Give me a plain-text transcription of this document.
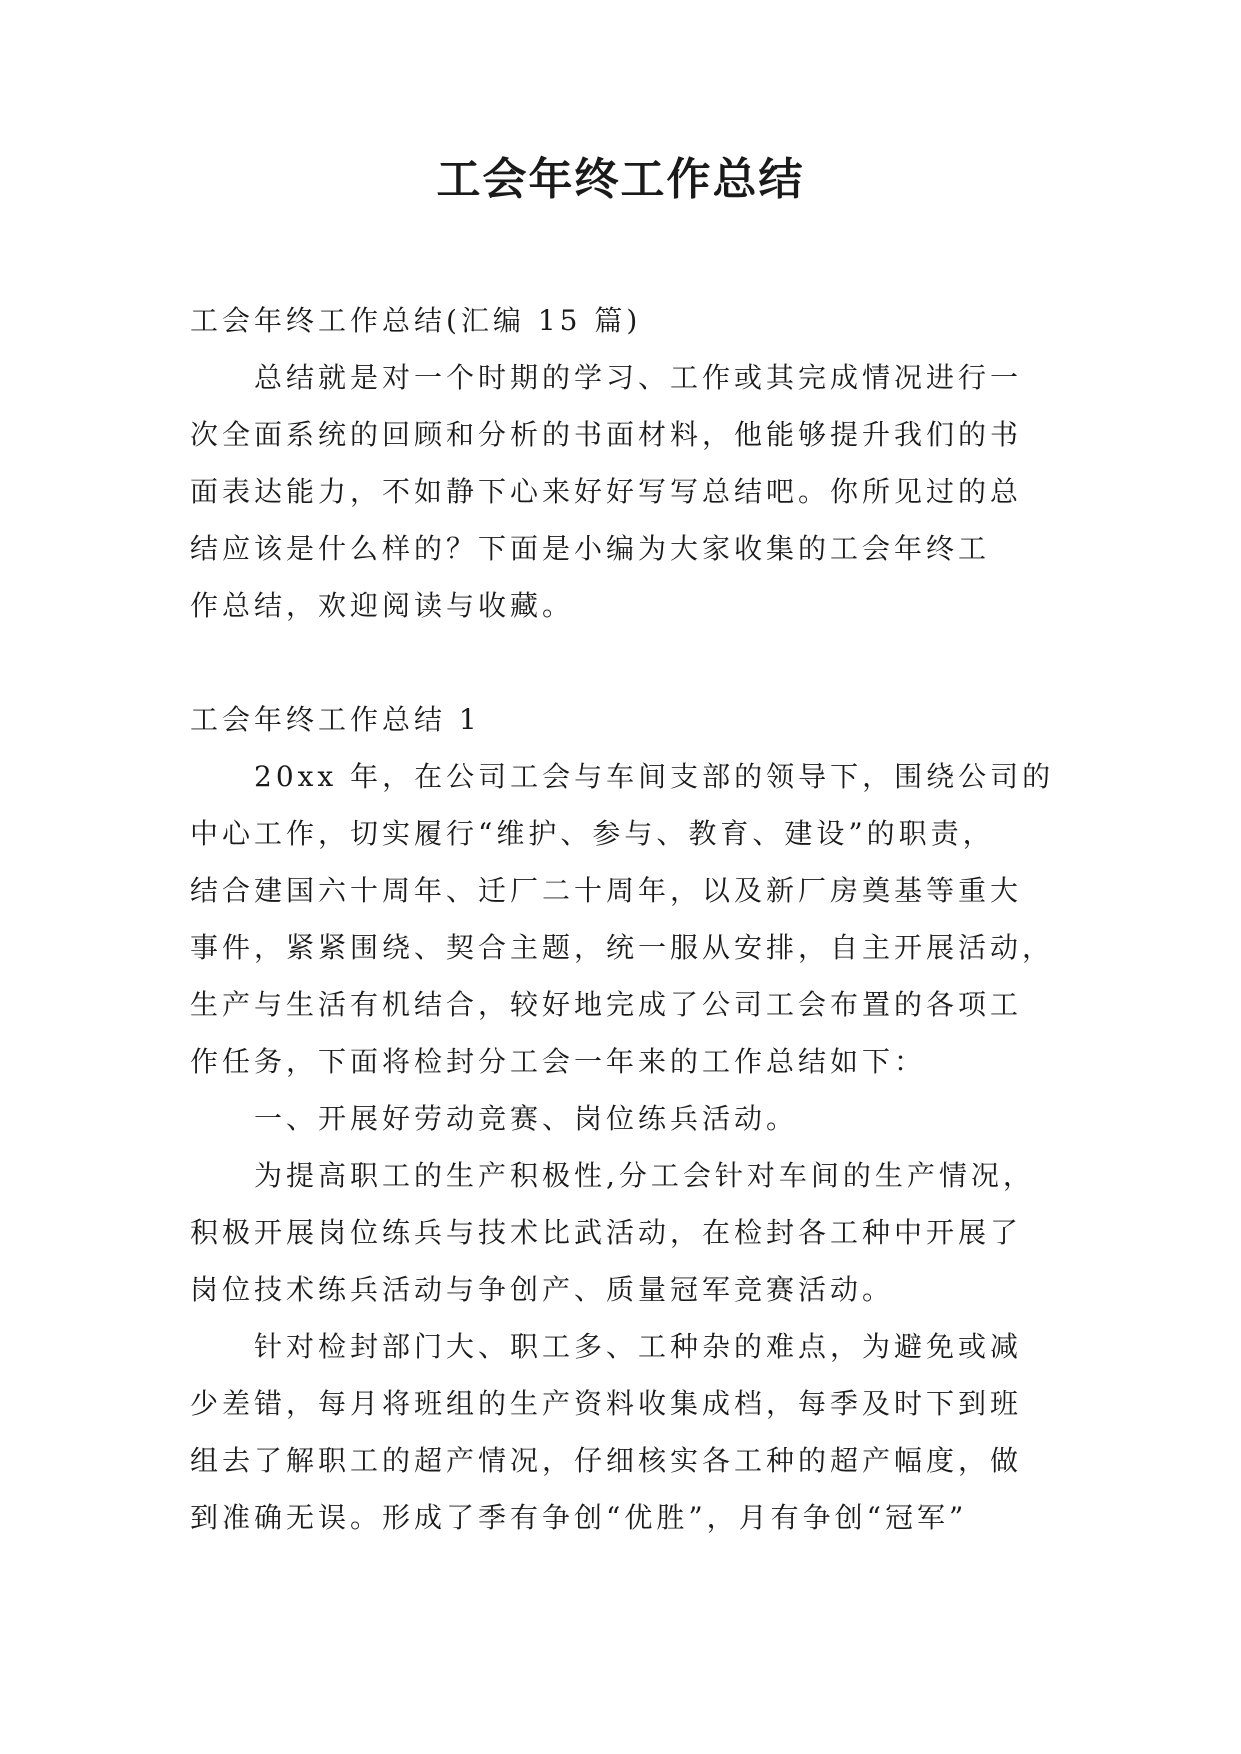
工会年终工作总结
工会年终工作总结(汇编 15 篇)
总结就是对一个时期的学习、工作或其完成情况进行一
次全面系统的回顾和分析的书面材料，他能够提升我们的书
面表达能力，不如静下心来好好写写总结吧。你所见过的总
结应该是什么样的？下面是小编为大家收集的工会年终工
作总结，欢迎阅读与收藏。
工会年终工作总结 1
20xx 年，在公司工会与车间支部的领导下，围绕公司的
中心工作，切实履行“维护、参与、教育、建设”的职责，
结合建国六十周年、迁厂二十周年，以及新厂房奠基等重大
事件，紧紧围绕、契合主题，统一服从安排，自主开展活动，
生产与生活有机结合，较好地完成了公司工会布置的各项工
作任务，下面将检封分工会一年来的工作总结如下：
一、开展好劳动竞赛、岗位练兵活动。
为提高职工的生产积极性,分工会针对车间的生产情况，
积极开展岗位练兵与技术比武活动，在检封各工种中开展了
岗位技术练兵活动与争创产、质量冠军竞赛活动。
针对检封部门大、职工多、工种杂的难点，为避免或减
少差错，每月将班组的生产资料收集成档，每季及时下到班
组去了解职工的超产情况，仔细核实各工种的超产幅度，做
到准确无误。形成了季有争创“优胜”，月有争创“冠军”
